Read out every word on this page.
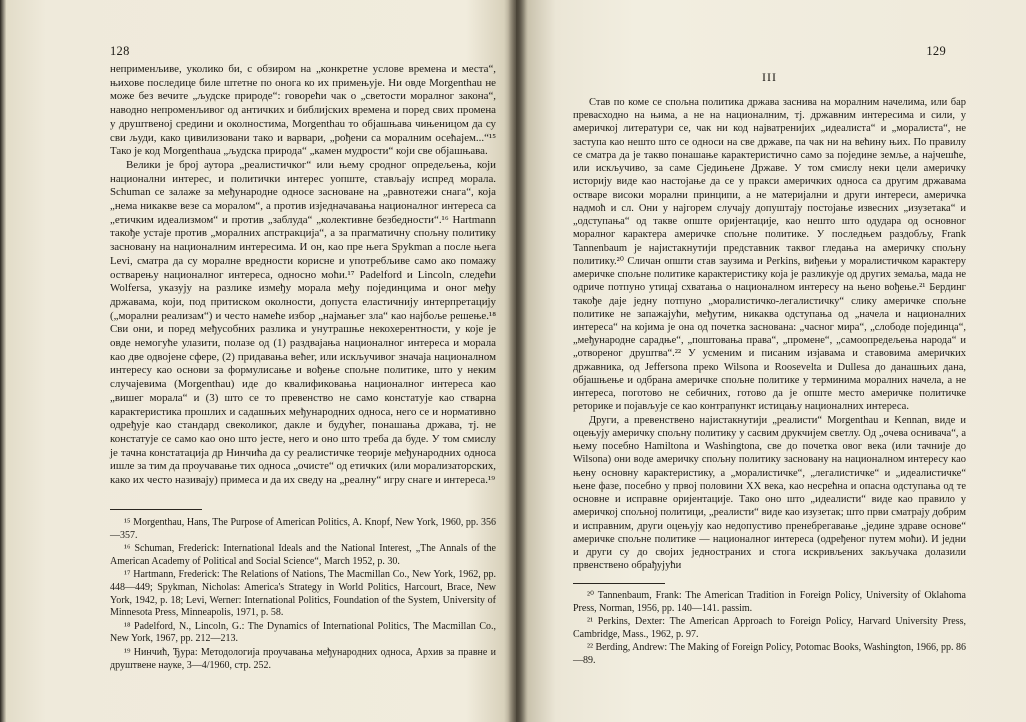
128

неприменљиве, уколико би, с обзиром на „конкретне услове времена и места“, њихове последице биле штетне по онога ко их примењује. Ни овде Morgenthau не може без вечите „људске природе“: говорећи чак о „светости моралног закона“, наводно непроменљивог од античких и библијских времена и поред свих промена у друштвеној средини и околностима, Morgenthau то објашњава чињеницом да су сви људи, како цивилизовани тако и варвари, „рођени са моралним осећајем...“¹⁵ Тако је код Morgenthaua „људска природа“ „камен мудрости“ који све објашњава.

Велики је број аутора „реалистичког“ или њему сродног опредељења, који национални интерес, и политички интерес уопште, стављају испред морала. Schuman се залаже за међународне односе засноване на „равнотежи снага“, која „нема никакве везе са моралом“, а против изједначавања националног интереса са „етичким идеализмом“ и против „заблуда“ „колективне безбедности“.¹⁶ Hartmann такође устаје против „моралних апстракција“, а за прагматичну спољну политику засновану на националним интересима. И он, као пре њега Spykman а после њега Levi, сматра да су моралне вредности корисне и употребљиве само ако помажу остварењу националног интереса, односно моћи.¹⁷ Padelford и Lincoln, следећи Wolfersa, указују на разлике између морала међу појединцима и оног међу државама, који, под притиском околности, допуста еластичнију интерпретацију („морални реализам“) и често намеће избор „најмањег зла“ као најбоље решење.¹⁸ Сви они, и поред међусобних разлика и унутрашње некохерентности, у које је овде немогуће улазити, полазе од (1) раздвајања националног интереса и морала као две одвојене сфере, (2) придавања већег, или искључивог значаја националном интересу као основи за формулисање и вођење спољне политике, што у неким случајевима (Morgenthau) иде до квалификовања националног интереса као „вишег морала“ и (3) што се то превенство не само констатује као стварна карактеристика прошлих и садашњих међународних односа, него се и нормативно одређује као стандард свеколиког, дакле и будућег, понашања држава, тј. не констатује се само као оно што јесте, него и оно што треба да буде. У том смислу је тачна констатација др Нинчића да су реалистичке теорије међународних односа ишле за тим да проучавање тих односа „очисте“ од етичких (или морализаторских, како их често називају) примеса и да их сведу на „реалну“ игру снаге и интереса.¹⁹

¹⁵ Morgenthau, Hans, The Purpose of American Politics, A. Knopf, New York, 1960, pp. 356—357.

¹⁶ Schuman, Frederick: International Ideals and the National Interest, „The Annals of the American Academy of Political and Social Science“, March 1952, p. 30.

¹⁷ Hartmann, Frederick: The Relations of Nations, The Macmillan Co., New York, 1962, pp. 448—449; Spykman, Nicholas: America's Strategy in World Politics, Harcourt, Brace, New York, 1942, p. 18; Levi, Werner: International Politics, Foundation of the System, University of Minnesota Press, Minneapolis, 1971, p. 58.

¹⁸ Padelford, N., Lincoln, G.: The Dynamics of International Politics, The Macmillan Co., New York, 1967, pp. 212—213.

¹⁹ Нинчић, Ђура: Методологија проучавања међународних односа, Архив за правне и друштвене науке, 3—4/1960, стр. 252.

129
III

Став по коме се спољна политика држава заснива на моралним начелима, или бар превасходно на њима, а не на националним, тј. државним интересима и сили, у америчкој литератури се, чак ни код најватренијих „идеалиста“ и „моралиста“, не заступа као нешто што се односи на све државе, па чак ни на већину њих. По правилу се сматра да је такво понашање карактеристично само за поједине земље, а најчешће, или искључиво, за саме Сједињене Државе. У том смислу неки цели америчку историју виде као настојање да се у пракси америчких односа са другим државама остваре високи морални принципи, а не материјални и други интереси, америчка надмоћ и сл. Они у најгорем случају допуштају постојање извесних „изузетака“ и „одступања“ од такве опште оријентације, као нешто што одудара од основног моралног карактера америчке спољне политике. У последњем раздобљу, Frank Tannenbaum је најистакнутији представник таквог гледања на америчку спољну политику.²⁰ Сличан општи став заузима и Perkins, виђењи у моралистичком карактеру америчке спољне политике карактеристику која је разликује од других земаља, мада не одриче потпуно утицај схватања о националном интересу на њено вођење.²¹ Бердинг такође даје једну потпуно „моралистичко-легалистичку“ слику америчке спољне политике не запажајући, међутим, никаква одступања од „начела и националних интереса“ на којима је она од почетка заснована: „часног мира“, „слободе појединца“, „међународне сарадње“, „поштовања права“, „промене“, „самоопредељења народа“ и „отвореног друштва“.²² У усменим и писаним изјавама и ставовима америчких државника, од Jeffersona преко Wilsona и Roosevelta и Dullesa до данашњих дана, објашњење и одбрана америчке спољне политике у терминима моралних начела, а не интереса, поготово не себичних, готово да је опште место америчке политичке реторике и појављује се као контрапункт истицању националних интереса.

Други, а превенствено најистакнутији „реалисти“ Morgenthau и Kennan, виде и оцењују америчку спољну политику у сасвим друкчијем светлу. Од „очева оснивача“, а њему посебно Hamiltona и Washingtona, све до почетка овог века (или тачније до Wilsona) они воде америчку спољну политику засновану на националном интересу као њену основну карактеристику, а „моралистичке“, „легалистичке“ и „идеалистичке“ њене фазе, посебно у првој половини XX века, као несрећна и опасна одступања од те основне и исправне оријентације. Тако оно што „идеалисти“ виде као правило у америчкој спољној политици, „реалисти“ виде као изузетак; што први сматрају добрим и исправним, други оцењују као недопустиво пренебрегавање „једине здраве основе“ америчке спољне политике — националног интереса (одређеног путем моћи). И једни и други су до својих једностраних и стога искривљених закључака долазили првенствено обрађујући

²⁰ Tannenbaum, Frank: The American Tradition in Foreign Policy, University of Oklahoma Press, Norman, 1956, pp. 140—141. passim.

²¹ Perkins, Dexter: The American Approach to Foreign Policy, Harvard University Press, Cambridge, Mass., 1962, p. 97.

²² Berding, Andrew: The Making of Foreign Policy, Potomac Books, Washington, 1966, pp. 86—89.
